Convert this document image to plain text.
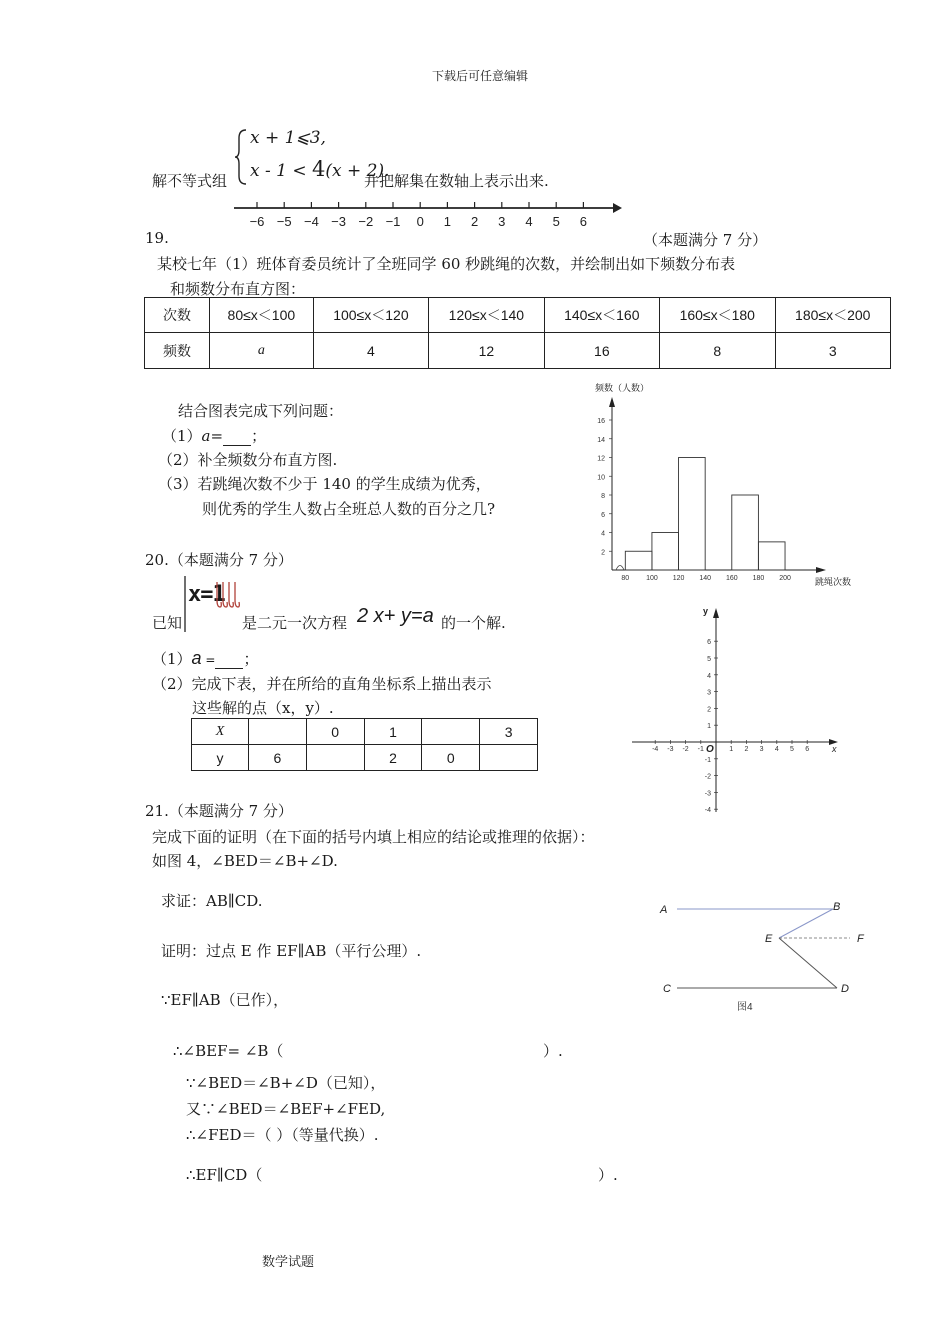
下载后可任意编辑
解不等式组
x + 1⩽3,
x - 1 < 4(x + 2).
并把解集在数轴上表示出来.
−6 −5 −4 −3 −2 −1 0 1 2 3 4 5 6
19.	（本题满分 7 分）
某校七年（1）班体育委员统计了全班同学 60 秒跳绳的次数，并绘制出如下频数分布表
和频数分布直方图：
次数	80≤x＜100	100≤x＜120	120≤x＜140	140≤x＜160	160≤x＜180	180≤x＜200
频数	a	4	12	16	8	3
结合图表完成下列问题：
（1）a= ；
（2）补全频数分布直方图.
（3）若跳绳次数不少于 140 的学生成绩为优秀，
则优秀的学生人数占全班总人数的百分之几?
频数（人数）
跳绳次数
2
4
6
8
10
12
14
16
80 100 120 140 160 180 200
20.（本题满分 7 分）
已知
x=1
是二元一次方程 2 x+ y=a 的一个解.
（1）a = ；
（2）完成下表，并在所给的直角坐标系上描出表示
这些解的点（x，y）.
X		0	1		3
y	6		2	0	
y
x
O
-4 -3 -2 -1	1 2 3 4 5 6
1
2
3
4
5
6
-1
-2
-3
-4
21.（本题满分 7 分）
完成下面的证明（在下面的括号内填上相应的结论或推理的依据）：
如图 4，∠BED＝∠B+∠D.
求证：AB∥CD.
证明：过点 E 作 EF∥AB（平行公理）.
∵EF∥AB（已作），
∴∠BEF= ∠B（	）.
∵∠BED＝∠B+∠D（已知），
又∵∠BED＝∠BEF+∠FED,
∴∠FED＝（ ）（等量代换）.
∴EF∥CD（	）.
A	B
E	F
C	D
图4
数学试题
